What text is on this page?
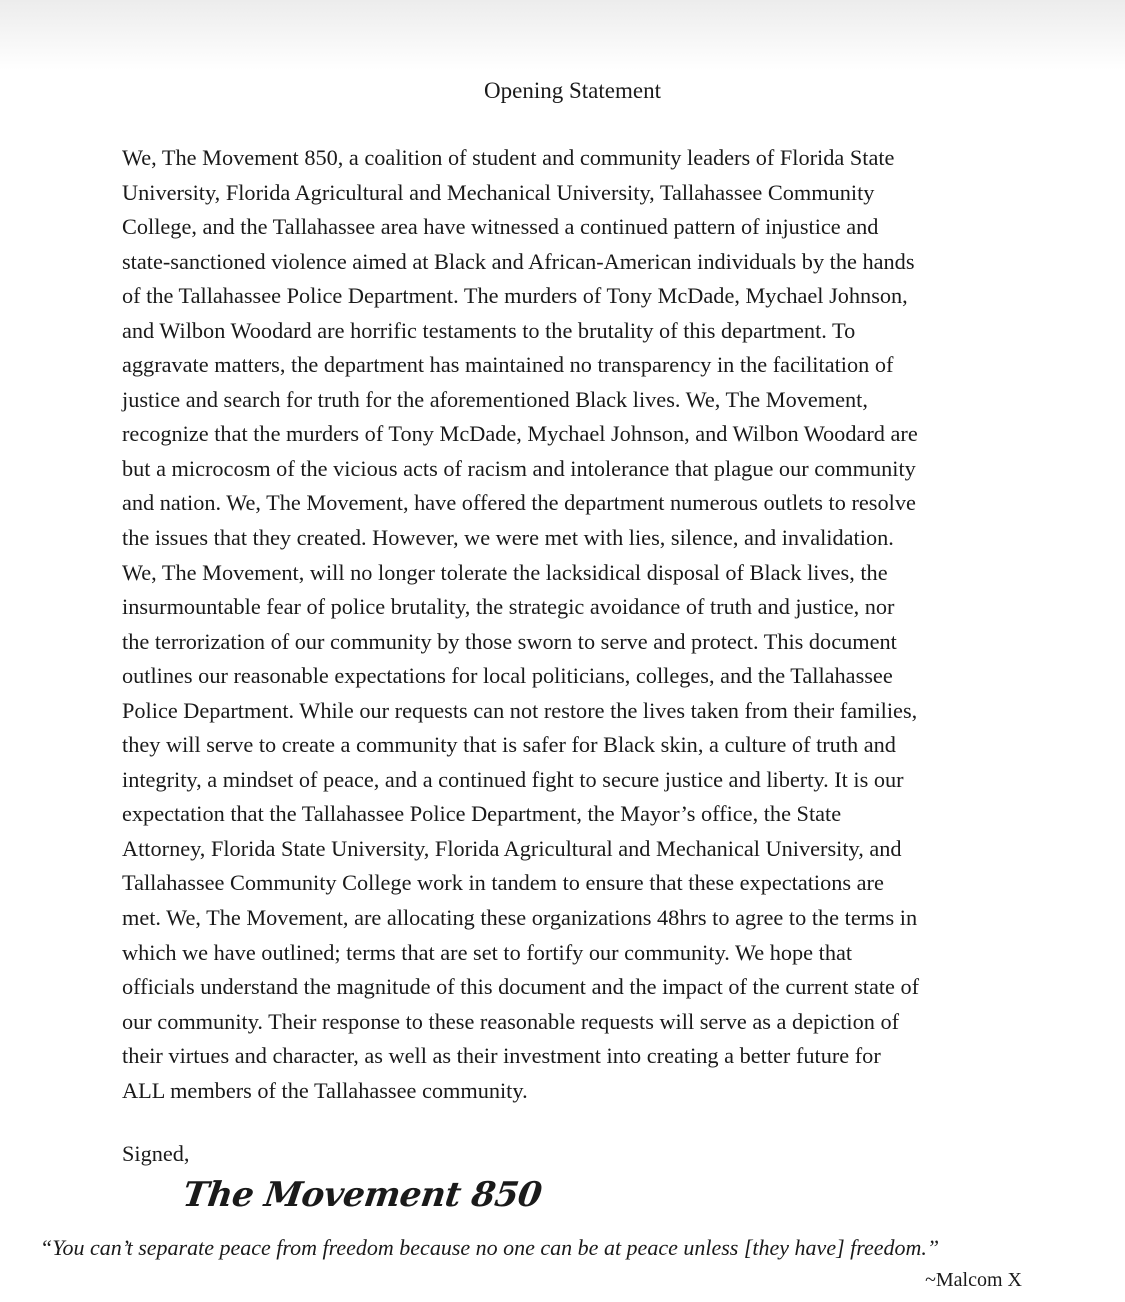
Opening Statement
We, The Movement 850, a coalition of student and community leaders of Florida State
University, Florida Agricultural and Mechanical University, Tallahassee Community
College, and the Tallahassee area have witnessed a continued pattern of injustice and
state-sanctioned violence aimed at Black and African-American individuals by the hands
of the Tallahassee Police Department. The murders of Tony McDade, Mychael Johnson,
and Wilbon Woodard are horrific testaments to the brutality of this department. To
aggravate matters, the department has maintained no transparency in the facilitation of
justice and search for truth for the aforementioned Black lives. We, The Movement,
recognize that the murders of Tony McDade, Mychael Johnson, and Wilbon Woodard are
but a microcosm of the vicious acts of racism and intolerance that plague our community
and nation. We, The Movement, have offered the department numerous outlets to resolve
the issues that they created. However, we were met with lies, silence, and invalidation.
We, The Movement, will no longer tolerate the lacksidical disposal of Black lives, the
insurmountable fear of police brutality, the strategic avoidance of truth and justice, nor
the terrorization of our community by those sworn to serve and protect. This document
outlines our reasonable expectations for local politicians, colleges, and the Tallahassee
Police Department. While our requests can not restore the lives taken from their families,
they will serve to create a community that is safer for Black skin, a culture of truth and
integrity, a mindset of peace, and a continued fight to secure justice and liberty. It is our
expectation that the Tallahassee Police Department, the Mayor’s office, the State
Attorney, Florida State University, Florida Agricultural and Mechanical University, and
Tallahassee Community College work in tandem to ensure that these expectations are
met. We, The Movement, are allocating these organizations 48hrs to agree to the terms in
which we have outlined; terms that are set to fortify our community. We hope that
officials understand the magnitude of this document and the impact of the current state of
our community. Their response to these reasonable requests will serve as a depiction of
their virtues and character, as well as their investment into creating a better future for
ALL members of the Tallahassee community.
Signed,
The Movement 850
“You can’t separate peace from freedom because no one can be at peace unless [they have] freedom.”
~Malcom X
